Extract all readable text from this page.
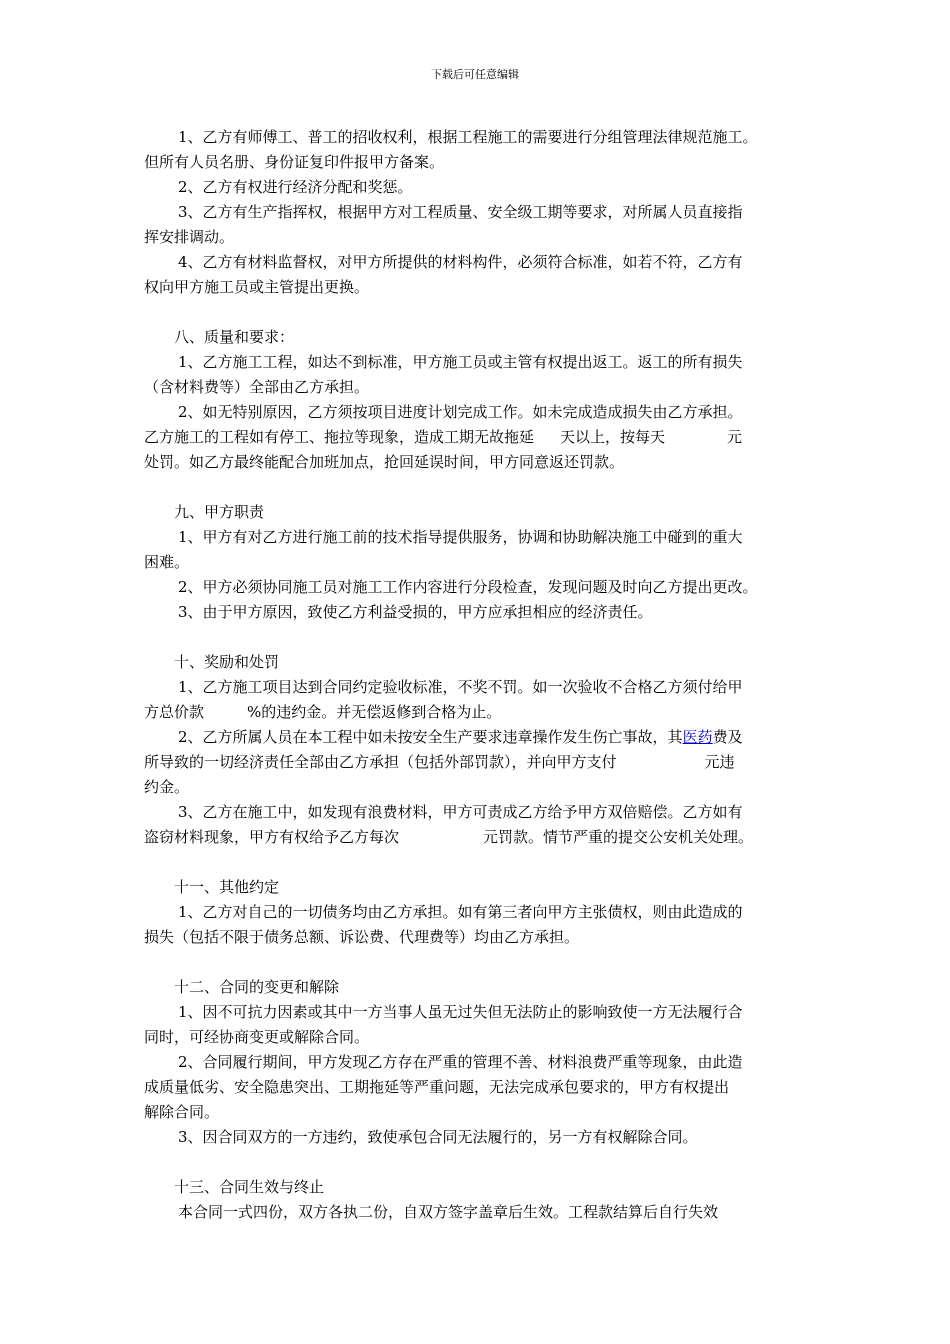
下载后可任意编辑
1、乙方有师傅工、普工的招收权利，根据工程施工的需要进行分组管理法律规范施工。
但所有人员名册、身份证复印件报甲方备案。
2、乙方有权进行经济分配和奖惩。
3、乙方有生产指挥权，根据甲方对工程质量、安全级工期等要求，对所属人员直接指
挥安排调动。
4、乙方有材料监督权，对甲方所提供的材料构件，必须符合标准，如若不符，乙方有
权向甲方施工员或主管提出更换。
八、质量和要求：
1、乙方施工工程，如达不到标准，甲方施工员或主管有权提出返工。返工的所有损失
（含材料费等）全部由乙方承担。
2、如无特别原因，乙方须按项目进度计划完成工作。如未完成造成损失由乙方承担。
乙方施工的工程如有停工、拖拉等现象，造成工期无故拖延 天以上，按每天	元
处罚。如乙方最终能配合加班加点，抢回延误时间，甲方同意返还罚款。
九、甲方职责
1、甲方有对乙方进行施工前的技术指导提供服务，协调和协助解决施工中碰到的重大
困难。
2、甲方必须协同施工员对施工工作内容进行分段检查，发现问题及时向乙方提出更改。
3、由于甲方原因，致使乙方利益受损的，甲方应承担相应的经济责任。
十、奖励和处罚
1、乙方施工项目达到合同约定验收标准，不奖不罚。如一次验收不合格乙方须付给甲
方总价款	%的违约金。并无偿返修到合格为止。
2、乙方所属人员在本工程中如未按安全生产要求违章操作发生伤亡事故，其医药费及
所导致的一切经济责任全部由乙方承担（包括外部罚款），并向甲方支付	元违
约金。
3、乙方在施工中，如发现有浪费材料，甲方可责成乙方给予甲方双倍赔偿。乙方如有
盗窃材料现象，甲方有权给予乙方每次	元罚款。情节严重的提交公安机关处理。
十一、其他约定
1、乙方对自己的一切债务均由乙方承担。如有第三者向甲方主张债权，则由此造成的
损失（包括不限于债务总额、诉讼费、代理费等）均由乙方承担。
十二、合同的变更和解除
1、因不可抗力因素或其中一方当事人虽无过失但无法防止的影响致使一方无法履行合
同时，可经协商变更或解除合同。
2、合同履行期间，甲方发现乙方存在严重的管理不善、材料浪费严重等现象，由此造
成质量低劣、安全隐患突出、工期拖延等严重问题，无法完成承包要求的，甲方有权提出
解除合同。
3、因合同双方的一方违约，致使承包合同无法履行的，另一方有权解除合同。
十三、合同生效与终止
本合同一式四份，双方各执二份，自双方签字盖章后生效。工程款结算后自行失效
